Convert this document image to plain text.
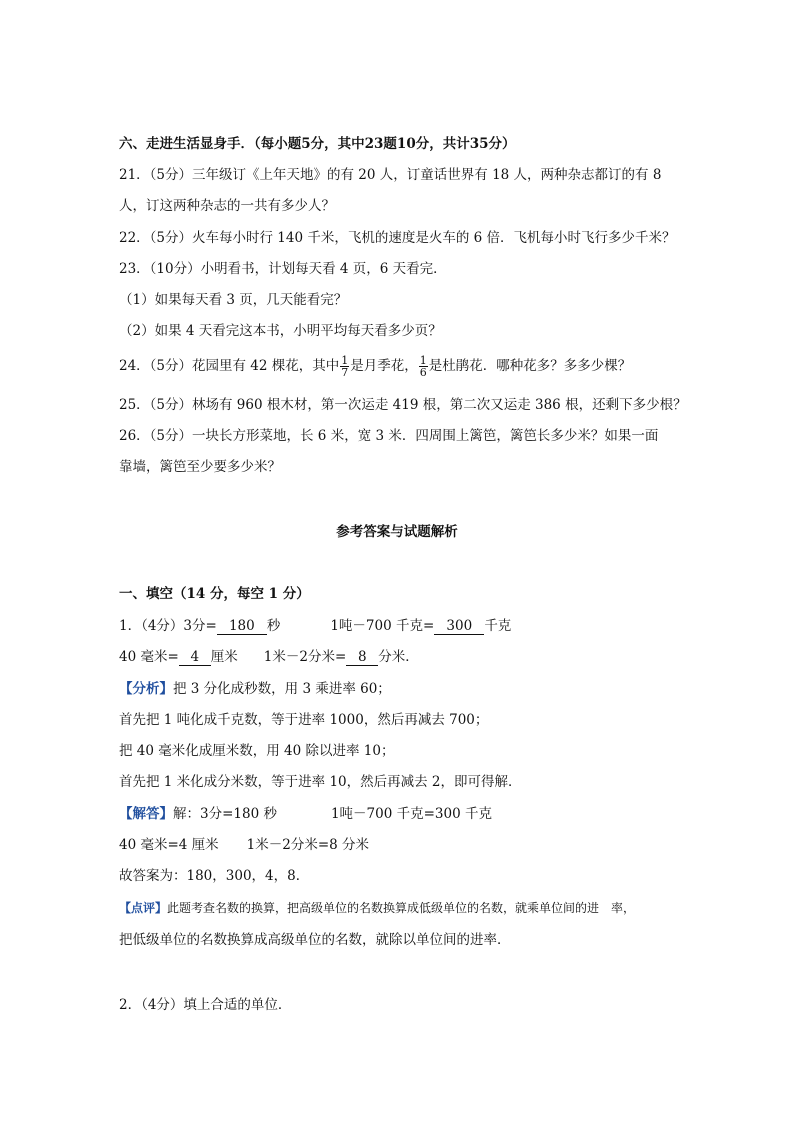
六、走进生活显身手．（每小题5分，其中23题10分，共计35分）
21．（5分）三年级订《上年天地》的有 20 人，订童话世界有 18 人，两种杂志都订的有 8
人，订这两种杂志的一共有多少人？
22．（5分）火车每小时行 140 千米，飞机的速度是火车的 6 倍．飞机每小时飞行多少千米？
23．（10分）小明看书，计划每天看 4 页，6 天看完．
（1）如果每天看 3 页，几天能看完？
（2）如果 4 天看完这本书，小明平均每天看多少页？
24．（5分）花园里有 42 棵花，其中 $\frac{1}{7}$ 是月季花， $\frac{1}{6}$ 是杜鹃花．哪种花多？多多少棵？
25．（5分）林场有 960 根木材，第一次运走 419 根，第二次又运走 386 根，还剩下多少根？
26．（5分）一块长方形菜地，长 6 米，宽 3 米．四周围上篱笆，篱笆长多少米？如果一面
靠墙，篱笆至少要多少米？
参考答案与试题解析
一、填空（14 分，每空 1 分）
1．（4分）3分= 180 秒	1吨－700 千克= 300 千克
40 毫米= 4 厘米 1米－2分米= 8 分米．
【分析】把 3 分化成秒数，用 3 乘进率 60；
首先把 1 吨化成千克数，等于进率 1000，然后再减去 700；
把 40 毫米化成厘米数，用 40 除以进率 10；
首先把 1 米化成分米数，等于进率 10，然后再减去 2，即可得解．
【解答】解：3分=180 秒	1吨－700 千克=300 千克
40 毫米=4 厘米 1米－2分米=8 分米
故答案为：180，300，4，8．
【点评】此题考查名数的换算，把高级单位的名数换算成低级单位的名数，就乘单位间的进　率，
把低级单位的名数换算成高级单位的名数，就除以单位间的进率．
2．（4分）填上合适的单位．
